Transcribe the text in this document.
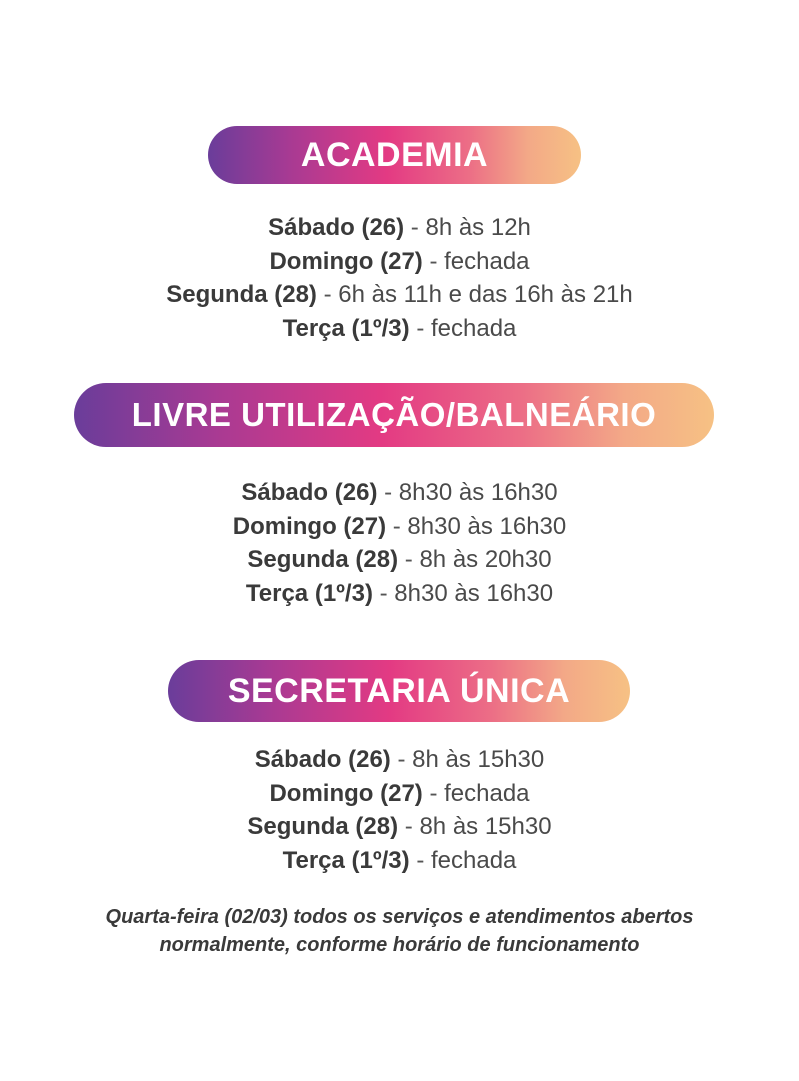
ACADEMIA
Sábado (26) - 8h às 12h
Domingo (27) - fechada
Segunda (28) - 6h às 11h e das 16h às 21h
Terça (1º/3) - fechada
LIVRE UTILIZAÇÃO/BALNEÁRIO
Sábado (26) - 8h30 às 16h30
Domingo (27) - 8h30 às 16h30
Segunda (28) - 8h às 20h30
Terça (1º/3) - 8h30 às 16h30
SECRETARIA ÚNICA
Sábado (26) - 8h às 15h30
Domingo (27) - fechada
Segunda (28) - 8h às 15h30
Terça (1º/3) - fechada
Quarta-feira (02/03) todos os serviços e atendimentos abertos
normalmente, conforme horário de funcionamento
